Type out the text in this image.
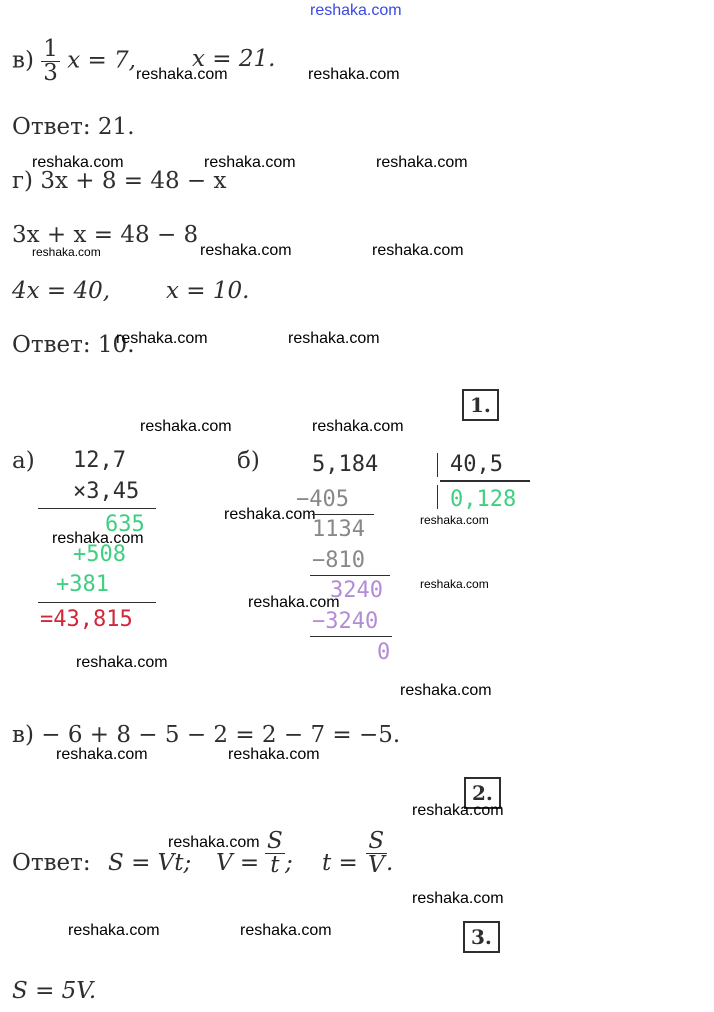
reshaka.com
$в) \frac{1}{3}$ x = 7, x = 21.
reshaka.com	reshaka.com
Ответ: 21.
reshaka.com	reshaka.com	reshaka.com
г) 3x + 8 = 48 − x
3x + x = 48 − 8
reshaka.com	reshaka.com	reshaka.com
4x = 40, x = 10.
Ответ: 10.
reshaka.com	reshaka.com
1.
reshaka.com	reshaka.com
а) 12,7
×3,45
635
reshaka.com
+508
+381
=43,815
reshaka.com
reshaka.com
reshaka.com
б) 5,184	40,5
0,128
reshaka.com
−405
1134
−810
reshaka.com
3240
−3240
0
reshaka.com
в) − 6 + 8 − 5 − 2 = 2 − 7 = −5.
reshaka.com	reshaka.com
2.
reshaka.com
Ответ: S = Vt; $V = \frac{S}{t}$ ; $t = \frac{S}{V}$ .
reshaka.com
reshaka.com
3.
reshaka.com	reshaka.com
S = 5V.
